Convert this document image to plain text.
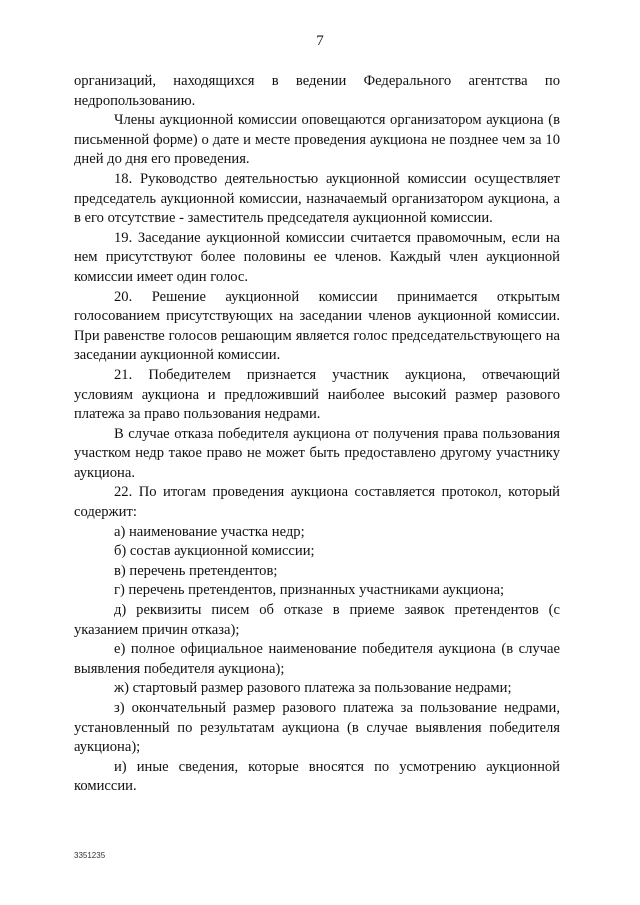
7

организаций, находящихся в ведении Федерального агентства по недропользованию.

Члены аукционной комиссии оповещаются организатором аукциона (в письменной форме) о дате и месте проведения аукциона не позднее чем за 10 дней до дня его проведения.

18. Руководство деятельностью аукционной комиссии осуществляет председатель аукционной комиссии, назначаемый организатором аукциона, а в его отсутствие - заместитель председателя аукционной комиссии.

19. Заседание аукционной комиссии считается правомочным, если на нем присутствуют более половины ее членов. Каждый член аукционной комиссии имеет один голос.

20. Решение аукционной комиссии принимается открытым голосованием присутствующих на заседании членов аукционной комиссии. При равенстве голосов решающим является голос председательствующего на заседании аукционной комиссии.

21. Победителем признается участник аукциона, отвечающий условиям аукциона и предложивший наиболее высокий размер разового платежа за право пользования недрами.

В случае отказа победителя аукциона от получения права пользования участком недр такое право не может быть предоставлено другому участнику аукциона.

22. По итогам проведения аукциона составляется протокол, который содержит:

а) наименование участка недр;

б) состав аукционной комиссии;

в) перечень претендентов;

г) перечень претендентов, признанных участниками аукциона;

д) реквизиты писем об отказе в приеме заявок претендентов (с указанием причин отказа);

е) полное официальное наименование победителя аукциона (в случае выявления победителя аукциона);

ж) стартовый размер разового платежа за пользование недрами;

з) окончательный размер разового платежа за пользование недрами, установленный по результатам аукциона (в случае выявления победителя аукциона);

и) иные сведения, которые вносятся по усмотрению аукционной комиссии.

3351235
